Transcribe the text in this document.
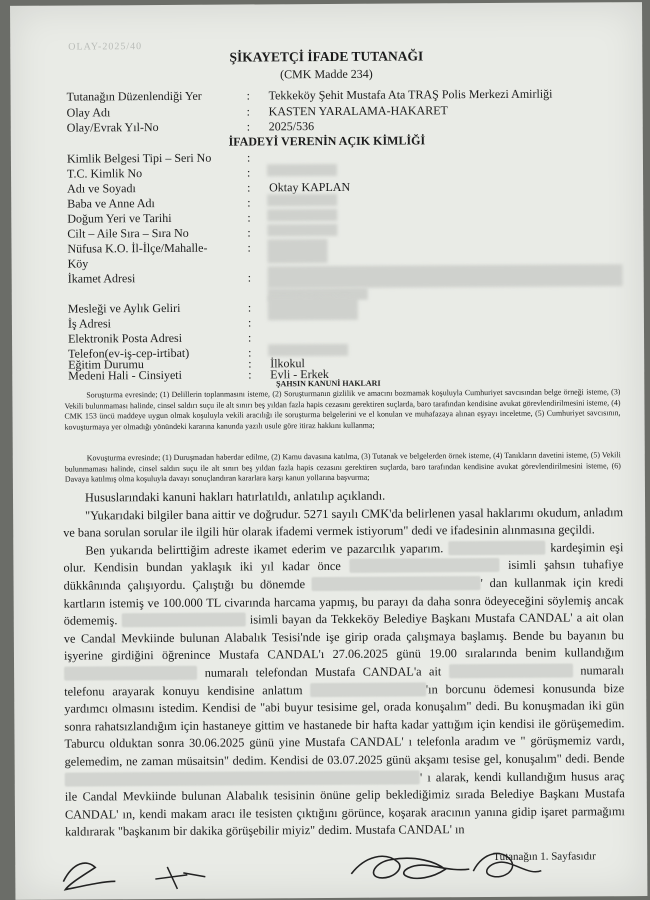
OLAY-2025/40
ŞİKAYETÇİ İFADE TUTANAĞI
(CMK Madde 234)
Tutanağın Düzenlendiği Yer	: Tekkeköy Şehit Mustafa Ata TRAŞ Polis Merkezi Amirliği
Olay Adı	: KASTEN YARALAMA-HAKARET
Olay/Evrak Yıl-No	: 2025/536
İFADEYİ VERENİN AÇIK KİMLİĞİ
Kimlik Belgesi Tipi – Seri No	:
T.C. Kimlik No	:
Adı ve Soyadı	: Oktay KAPLAN
Baba ve Anne Adı	:
Doğum Yeri ve Tarihi	:
Cilt – Aile Sıra – Sıra No	:
Nüfusa K.O. İl-İlçe/Mahalle-	:
Köy
İkamet Adresi	:
Mesleği ve Aylık Geliri	:
İş Adresi	:
Elektronik Posta Adresi	:
Telefon(ev-iş-cep-irtibat)	:
Eğitim Durumu	: İlkokul
Medeni Hali - Cinsiyeti	: Evli - Erkek
ŞAHSIN KANUNİ HAKLARI
Soruşturma evresinde; (1) Delillerin toplanmasını isteme, (2) Soruşturmanın gizlilik ve amacını bozmamak koşuluyla Cumhuriyet savcısından belge örneği isteme, (3) Vekili bulunmaması halinde, cinsel saldırı suçu ile alt sınırı beş yıldan fazla hapis cezasını gerektiren suçlarda, baro tarafından kendisine avukat görevlendirilmesini isteme, (4) CMK 153 üncü maddeye uygun olmak koşuluyla vekili aracılığı ile soruşturma belgelerini ve el konulan ve muhafazaya alınan eşyayı inceletme, (5) Cumhuriyet savcısının, kovuşturmaya yer olmadığı yönündeki kararına kanunda yazılı usule göre itiraz hakkını kullanma;
Kovuşturma evresinde; (1) Duruşmadan haberdar edilme, (2) Kamu davasına katılma, (3) Tutanak ve belgelerden örnek isteme, (4) Tanıkların davetini isteme, (5) Vekili bulunmaması halinde, cinsel saldırı suçu ile alt sınırı beş yıldan fazla hapis cezasını gerektiren suçlarda, baro tarafından kendisine avukat görevlendirilmesini isteme, (6) Davaya katılmış olma koşuluyla davayı sonuçlandıran kararlara karşı kanun yollarına başvurma;

Hususlarındaki kanuni hakları hatırlatıldı, anlatılıp açıklandı.

"Yukarıdaki bilgiler bana aittir ve doğrudur. 5271 sayılı CMK'da belirlenen yasal haklarımı okudum, anladım ve bana sorulan sorular ile ilgili hür olarak ifademi vermek istiyorum" dedi ve ifadesinin alınmasına geçildi.

Ben yukarıda belirttiğim adreste ikamet ederim ve pazarcılık yaparım.	kardeşimin eşi olur. Kendisin bundan yaklaşık iki yıl kadar önce	isimli şahsın tuhafiye dükkânında çalışıyordu. Çalıştığı bu dönemde	' dan kullanmak için kredi kartların istemiş ve 100.000 TL civarında harcama yapmış, bu parayı da daha sonra ödeyeceğini söylemiş ancak ödememiş.	isimli bayan da Tekkeköy Belediye Başkanı Mustafa CANDAL' a ait olan ve Candal Mevkiinde bulunan Alabalık Tesisi'nde işe girip orada çalışmaya başlamış. Bende bu bayanın bu işyerine girdiğini öğrenince Mustafa CANDAL'ı 27.06.2025 günü 19.00 sıralarında benim kullandığım numaralı telefondan Mustafa CANDAL'a ait	numaralı telefonu arayarak konuyu kendisine anlattım	'ın borcunu ödemesi konusunda bize yardımcı olmasını istedim. Kendisi de "abi buyur tesisime gel, orada konuşalım" dedi. Bu konuşmadan iki gün sonra rahatsızlandığım için hastaneye gittim ve hastanede bir hafta kadar yattığım için kendisi ile görüşemedim. Taburcu olduktan sonra 30.06.2025 günü yine Mustafa CANDAL' ı telefonla aradım ve " görüşmemiz vardı, gelemedim, ne zaman müsaitsin" dedim. Kendisi de 03.07.2025 günü akşamı tesise gel, konuşalım" dedi. Bende ' ı alarak, kendi kullandığım husus araç ile Candal Mevkiinde bulunan Alabalık tesisinin önüne gelip beklediğimiz sırada Belediye Başkanı Mustafa CANDAL' ın, kendi makam aracı ile tesisten çıktığını görünce, koşarak aracının yanına gidip işaret parmağımı kaldırarak "başkanım bir dakika görüşebilir miyiz" dedim. Mustafa CANDAL' ın

Tutanağın 1. Sayfasıdır
